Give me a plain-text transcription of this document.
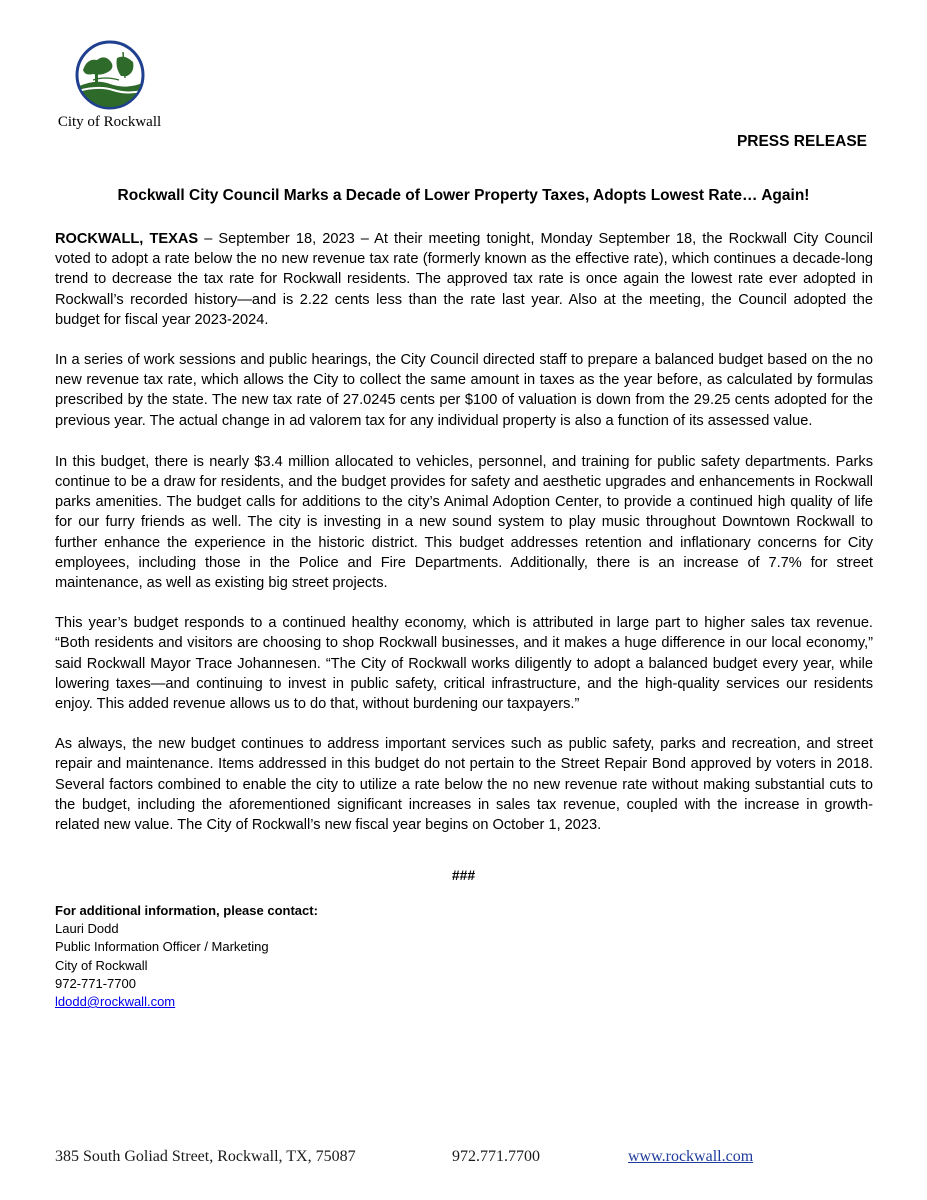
City of Rockwall
PRESS RELEASE
Rockwall City Council Marks a Decade of Lower Property Taxes, Adopts Lowest Rate… Again!

ROCKWALL, TEXAS – September 18, 2023 – At their meeting tonight, Monday September 18, the Rockwall City Council voted to adopt a rate below the no new revenue tax rate (formerly known as the effective rate), which continues a decade-long trend to decrease the tax rate for Rockwall residents. The approved tax rate is once again the lowest rate ever adopted in Rockwall’s recorded history—and is 2.22 cents less than the rate last year. Also at the meeting, the Council adopted the budget for fiscal year 2023-2024.

In a series of work sessions and public hearings, the City Council directed staff to prepare a balanced budget based on the no new revenue tax rate, which allows the City to collect the same amount in taxes as the year before, as calculated by formulas prescribed by the state. The new tax rate of 27.0245 cents per $100 of valuation is down from the 29.25 cents adopted for the previous year. The actual change in ad valorem tax for any individual property is also a function of its assessed value.

In this budget, there is nearly $3.4 million allocated to vehicles, personnel, and training for public safety departments. Parks continue to be a draw for residents, and the budget provides for safety and aesthetic upgrades and enhancements in Rockwall parks amenities. The budget calls for additions to the city’s Animal Adoption Center, to provide a continued high quality of life for our furry friends as well. The city is investing in a new sound system to play music throughout Downtown Rockwall to further enhance the experience in the historic district. This budget addresses retention and inflationary concerns for City employees, including those in the Police and Fire Departments. Additionally, there is an increase of 7.7% for street maintenance, as well as existing big street projects.

This year’s budget responds to a continued healthy economy, which is attributed in large part to higher sales tax revenue. “Both residents and visitors are choosing to shop Rockwall businesses, and it makes a huge difference in our local economy,” said Rockwall Mayor Trace Johannesen. “The City of Rockwall works diligently to adopt a balanced budget every year, while lowering taxes—and continuing to invest in public safety, critical infrastructure, and the high-quality services our residents enjoy. This added revenue allows us to do that, without burdening our taxpayers.”

As always, the new budget continues to address important services such as public safety, parks and recreation, and street repair and maintenance. Items addressed in this budget do not pertain to the Street Repair Bond approved by voters in 2018. Several factors combined to enable the city to utilize a rate below the no new revenue rate without making substantial cuts to the budget, including the aforementioned significant increases in sales tax revenue, coupled with the increase in growth-related new value. The City of Rockwall’s new fiscal year begins on October 1, 2023.

###
For additional information, please contact:
Lauri Dodd
Public Information Officer / Marketing
City of Rockwall
972-771-7700
ldodd@rockwall.com
385 South Goliad Street, Rockwall, TX, 75087	972.771.7700	www.rockwall.com
